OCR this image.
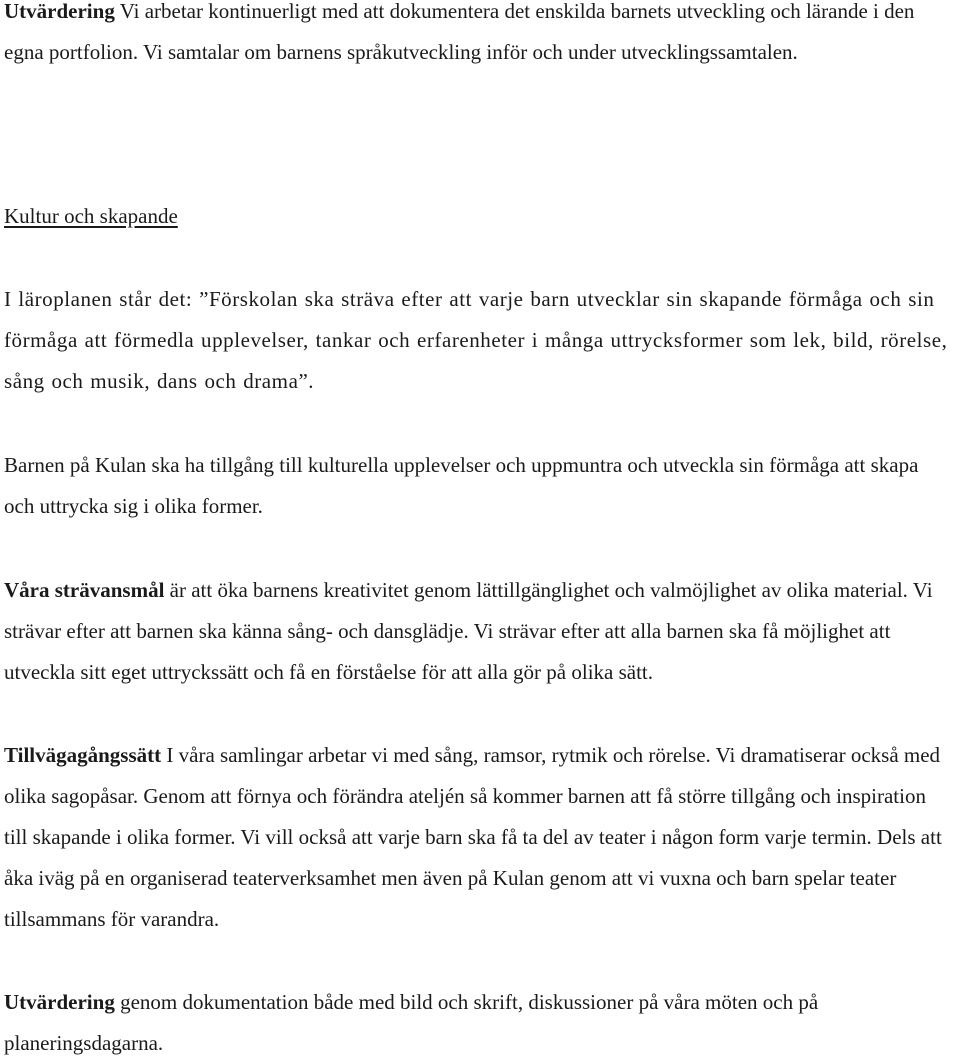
Utvärdering Vi arbetar kontinuerligt med att dokumentera det enskilda barnets utveckling och lärande i den egna portfolion. Vi samtalar om barnens språkutveckling inför och under utvecklingssamtalen.

Kultur och skapande

I läroplanen står det: ”Förskolan ska sträva efter att varje barn utvecklar sin skapande förmåga och sin förmåga att förmedla upplevelser, tankar och erfarenheter i många uttrycksformer som lek, bild, rörelse, sång och musik, dans och drama”.

Barnen på Kulan ska ha tillgång till kulturella upplevelser och uppmuntra och utveckla sin förmåga att skapa och uttrycka sig i olika former.

Våra strävansmål är att öka barnens kreativitet genom lättillgänglighet och valmöjlighet av olika material. Vi strävar efter att barnen ska känna sång- och dansglädje. Vi strävar efter att alla barnen ska få möjlighet att utveckla sitt eget uttryckssätt och få en förståelse för att alla gör på olika sätt.

Tillvägagångssätt I våra samlingar arbetar vi med sång, ramsor, rytmik och rörelse. Vi dramatiserar också med olika sagopåsar. Genom att förnya och förändra ateljén så kommer barnen att få större tillgång och inspiration till skapande i olika former. Vi vill också att varje barn ska få ta del av teater i någon form varje termin. Dels att åka iväg på en organiserad teaterverksamhet men även på Kulan genom att vi vuxna och barn spelar teater tillsammans för varandra.

Utvärdering genom dokumentation både med bild och skrift, diskussioner på våra möten och på planeringsdagarna.
